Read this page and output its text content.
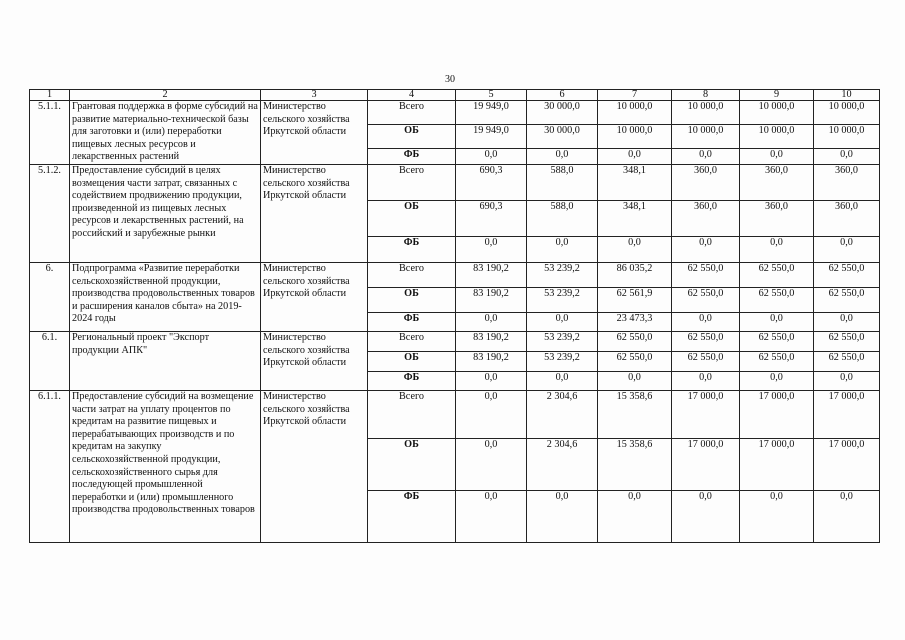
30
1	2	3	4	5	6	7	8	9	10
5.1.1.	Грантовая поддержка в форме субсидий на развитие материально-технической базы для заготовки и (или) переработки пищевых лесных ресурсов и лекарственных растений	Министерство сельского хозяйства Иркутской области	Всего	19 949,0	30 000,0	10 000,0	10 000,0	10 000,0	10 000,0
			ОБ	19 949,0	30 000,0	10 000,0	10 000,0	10 000,0	10 000,0
			ФБ	0,0	0,0	0,0	0,0	0,0	0,0
5.1.2.	Предоставление субсидий в целях возмещения части затрат, связанных с содействием продвижению продукции, произведенной из пищевых лесных ресурсов и лекарственных растений, на российский и зарубежные рынки	Министерство сельского хозяйства Иркутской области	Всего	690,3	588,0	348,1	360,0	360,0	360,0
			ОБ	690,3	588,0	348,1	360,0	360,0	360,0
			ФБ	0,0	0,0	0,0	0,0	0,0	0,0
6.	Подпрограмма «Развитие переработки сельскохозяйственной продукции, производства продовольственных товаров и расширения каналов сбыта» на 2019-2024 годы	Министерство сельского хозяйства Иркутской области	Всего	83 190,2	53 239,2	86 035,2	62 550,0	62 550,0	62 550,0
			ОБ	83 190,2	53 239,2	62 561,9	62 550,0	62 550,0	62 550,0
			ФБ	0,0	0,0	23 473,3	0,0	0,0	0,0
6.1.	Региональный проект "Экспорт продукции АПК"	Министерство сельского хозяйства Иркутской области	Всего	83 190,2	53 239,2	62 550,0	62 550,0	62 550,0	62 550,0
			ОБ	83 190,2	53 239,2	62 550,0	62 550,0	62 550,0	62 550,0
			ФБ	0,0	0,0	0,0	0,0	0,0	0,0
6.1.1.	Предоставление субсидий на возмещение части затрат на уплату процентов по кредитам на развитие пищевых и перерабатывающих производств и по кредитам на закупку сельскохозяйственной продукции, сельскохозяйственного сырья для последующей промышленной переработки и (или) промышленного производства продовольственных товаров	Министерство сельского хозяйства Иркутской области	Всего	0,0	2 304,6	15 358,6	17 000,0	17 000,0	17 000,0
			ОБ	0,0	2 304,6	15 358,6	17 000,0	17 000,0	17 000,0
			ФБ	0,0	0,0	0,0	0,0	0,0	0,0
